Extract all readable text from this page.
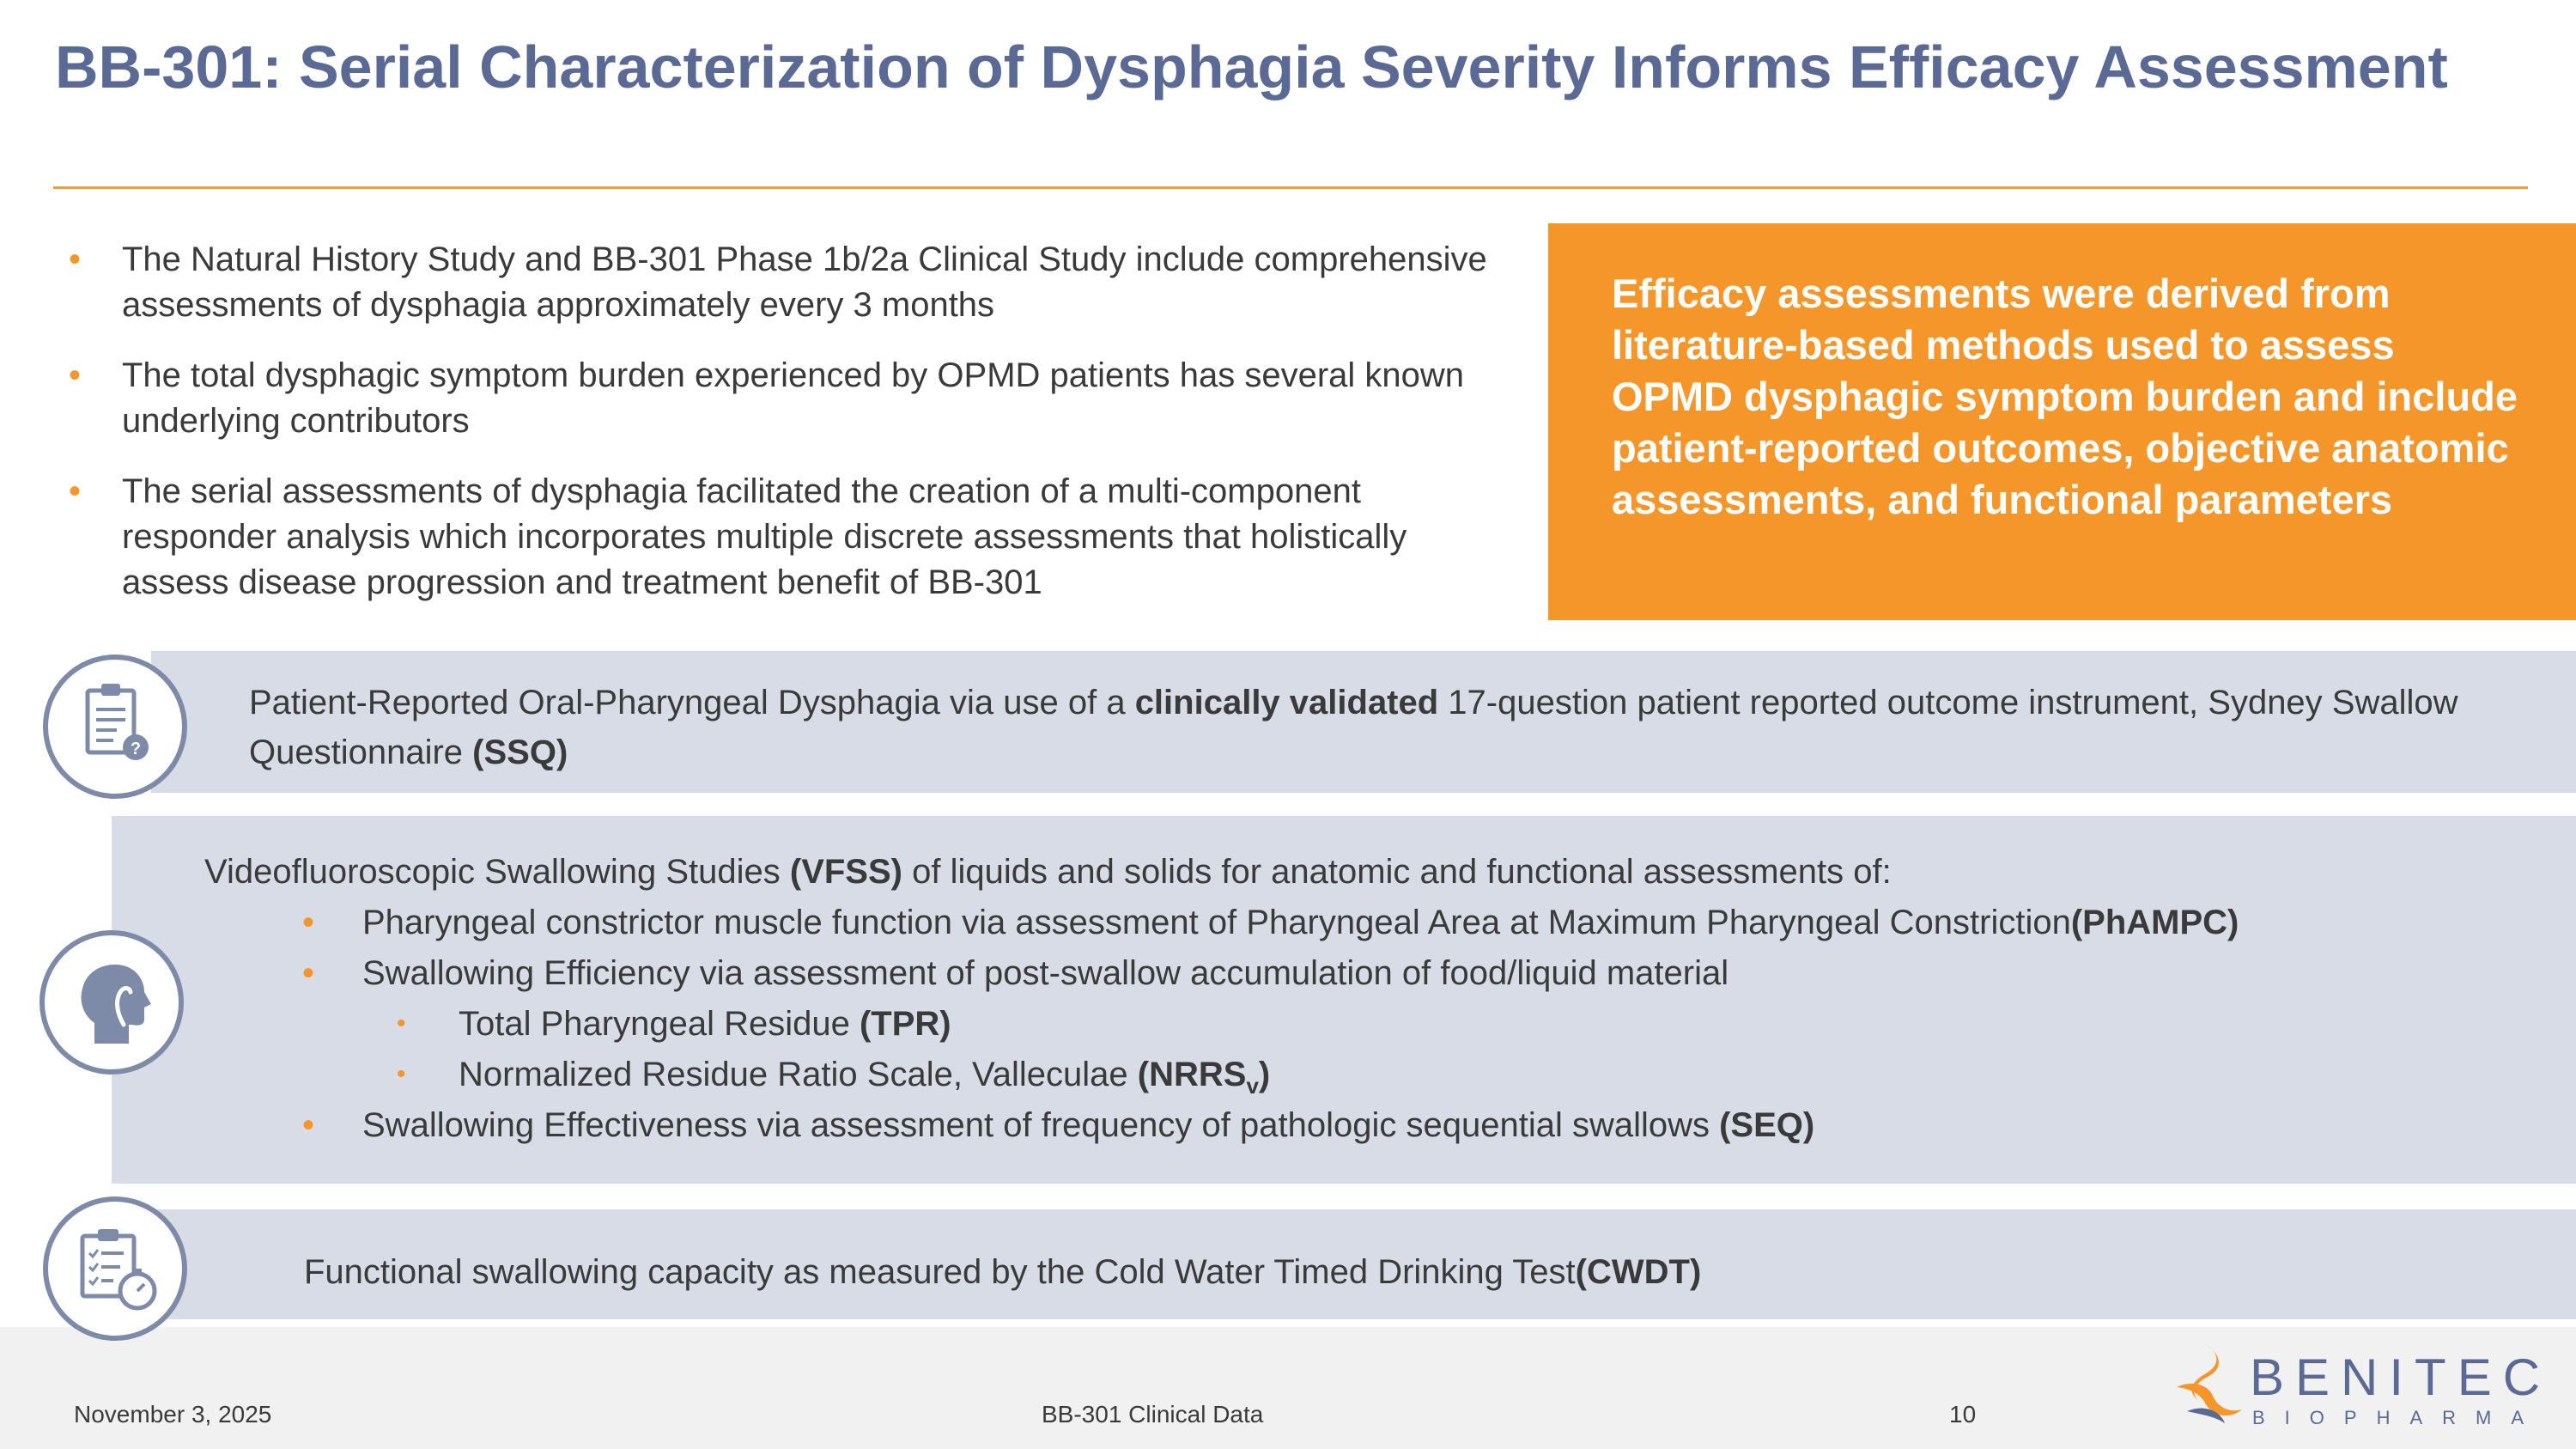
BB-301: Serial Characterization of Dysphagia Severity Informs Efficacy Assessment
• The Natural History Study and BB-301 Phase 1b/2a Clinical Study include comprehensive assessments of dysphagia approximately every 3 months
• The total dysphagic symptom burden experienced by OPMD patients has several known underlying contributors
• The serial assessments of dysphagia facilitated the creation of a multi-component responder analysis which incorporates multiple discrete assessments that holistically assess disease progression and treatment benefit of BB-301

Efficacy assessments were derived from literature-based methods used to assess OPMD dysphagic symptom burden and include patient-reported outcomes, objective anatomic assessments, and functional parameters

?
Patient-Reported Oral-Pharyngeal Dysphagia via use of a clinically validated 17-question patient reported outcome instrument, Sydney Swallow Questionnaire (SSQ)
Videofluoroscopic Swallowing Studies (VFSS) of liquids and solids for anatomic and functional assessments of:
• Pharyngeal constrictor muscle function via assessment of Pharyngeal Area at Maximum Pharyngeal Constriction(PhAMPC)
• Swallowing Efficiency via assessment of post-swallow accumulation of food/liquid material
• Total Pharyngeal Residue (TPR)
• Normalized Residue Ratio Scale, Valleculae $(NRRS_v)$
• Swallowing Effectiveness via assessment of frequency of pathologic sequential swallows (SEQ)
Functional swallowing capacity as measured by the Cold Water Timed Drinking Test(CWDT)
November 3, 2025	BB-301 Clinical Data	10
BENITEC
BIOPHARMA
